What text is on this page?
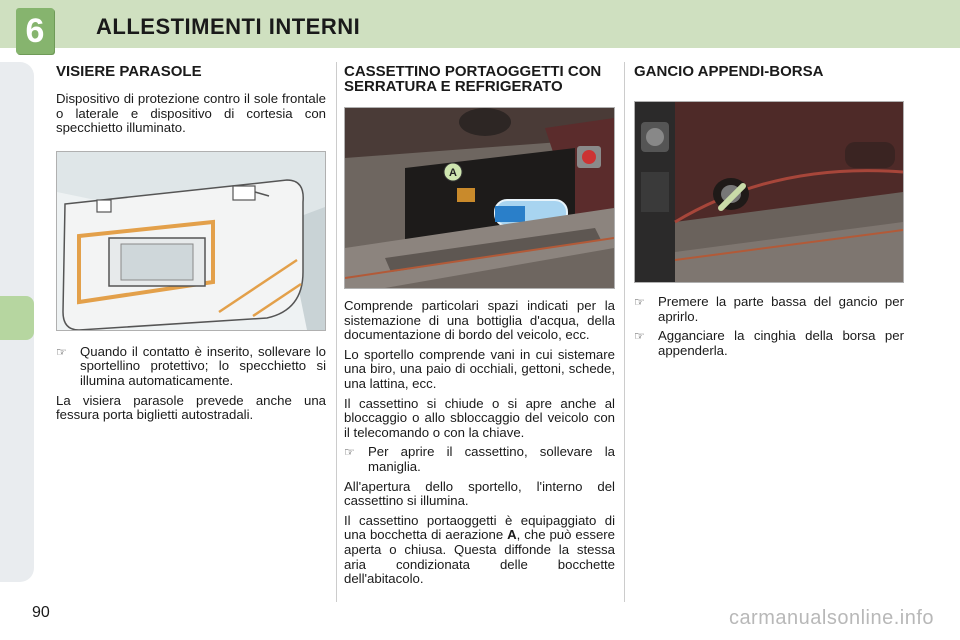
6	ALLESTIMENTI INTERNI
VISIERE PARASOLE

Dispositivo di protezione contro il sole frontale o laterale e dispositivo di cortesia con specchietto illuminato.

☞	Quando il contatto è inserito, sollevare lo sportellino protettivo; lo specchietto si illumina automaticamente.

La visiera parasole prevede anche una fessura porta biglietti autostradali.

CASSETTINO PORTAOGGETTI CON SERRATURA E REFRIGERATO
A

Comprende particolari spazi indicati per la sistemazione di una bottiglia d'acqua, della documentazione di bordo del veicolo, ecc.

Lo sportello comprende vani in cui sistemare una biro, una paio di occhiali, gettoni, schede, una lattina, ecc.

Il cassettino si chiude o si apre anche al bloccaggio o allo sbloccaggio del veicolo con il telecomando o con la chiave.

☞	Per aprire il cassettino, sollevare la maniglia.

All'apertura dello sportello, l'interno del cassettino si illumina.

Il cassettino portaoggetti è equipaggiato di una bocchetta di aerazione A, che può essere aperta o chiusa. Questa diffonde la stessa aria condizionata delle bocchette dell'abitacolo.

GANCIO APPENDI-BORSA
☞	Premere la parte bassa del gancio per aprirlo.
☞	Agganciare la cinghia della borsa per appenderla.
90	carmanualsonline.info
